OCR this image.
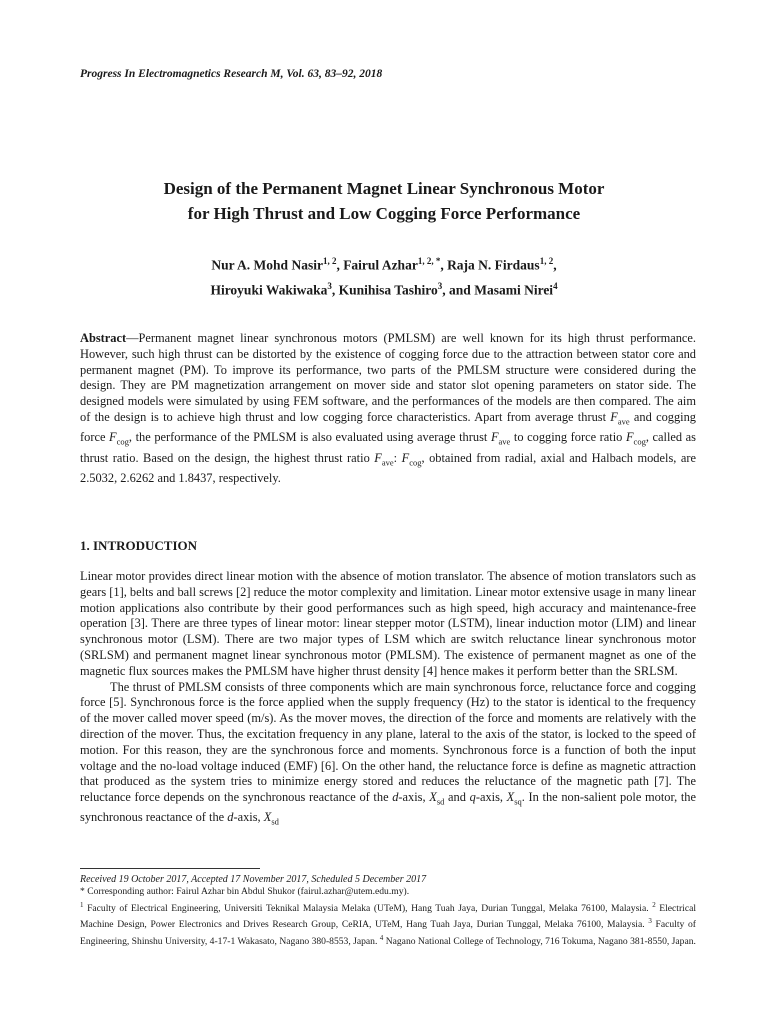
Progress In Electromagnetics Research M, Vol. 63, 83–92, 2018
Design of the Permanent Magnet Linear Synchronous Motor
for High Thrust and Low Cogging Force Performance
Nur A. Mohd Nasir$^{1, 2}$, Fairul Azhar$^{1, 2, *}$, Raja N. Firdaus$^{1, 2}$,
Hiroyuki Wakiwaka$^3$, Kunihisa Tashiro$^3$, and Masami Nirei$^4$
Abstract—Permanent magnet linear synchronous motors (PMLSM) are well known for its high thrust performance. However, such high thrust can be distorted by the existence of cogging force due to the attraction between stator core and permanent magnet (PM). To improve its performance, two parts of the PMLSM structure were considered during the design. They are PM magnetization arrangement on mover side and stator slot opening parameters on stator side. The designed models were simulated by using FEM software, and the performances of the models are then compared. The aim of the design is to achieve high thrust and low cogging force characteristics. Apart from average thrust $F_{ave}$ and cogging force $F_{cog}$, the performance of the PMLSM is also evaluated using average thrust $F_{ave}$ to cogging force ratio $F_{cog}$, called as thrust ratio. Based on the design, the highest thrust ratio $F_{ave}$: $F_{cog}$, obtained from radial, axial and Halbach models, are 2.5032, 2.6262 and 1.8437, respectively.
1. INTRODUCTION

Linear motor provides direct linear motion with the absence of motion translator. The absence of motion translators such as gears [1], belts and ball screws [2] reduce the motor complexity and limitation. Linear motor extensive usage in many linear motion applications also contribute by their good performances such as high speed, high accuracy and maintenance-free operation [3]. There are three types of linear motor: linear stepper motor (LSTM), linear induction motor (LIM) and linear synchronous motor (LSM). There are two major types of LSM which are switch reluctance linear synchronous motor (SRLSM) and permanent magnet linear synchronous motor (PMLSM). The existence of permanent magnet as one of the magnetic flux sources makes the PMLSM have higher thrust density [4] hence makes it perform better than the SRLSM.

The thrust of PMLSM consists of three components which are main synchronous force, reluctance force and cogging force [5]. Synchronous force is the force applied when the supply frequency (Hz) to the stator is identical to the frequency of the mover called mover speed (m/s). As the mover moves, the direction of the force and moments are relatively with the direction of the mover. Thus, the excitation frequency in any plane, lateral to the axis of the stator, is locked to the speed of motion. For this reason, they are the synchronous force and moments. Synchronous force is a function of both the input voltage and the no-load voltage induced (EMF) [6]. On the other hand, the reluctance force is define as magnetic attraction that produced as the system tries to minimize energy stored and reduces the reluctance of the magnetic path [7]. The reluctance force depends on the synchronous reactance of the d-axis, $X_{sd}$ and q-axis, $X_{sq}$. In the non-salient pole motor, the synchronous reactance of the d-axis, $X_{sd}$

Received 19 October 2017, Accepted 17 November 2017, Scheduled 5 December 2017
* Corresponding author: Fairul Azhar bin Abdul Shukor (fairul.azhar@utem.edu.my).
$^1$ Faculty of Electrical Engineering, Universiti Teknikal Malaysia Melaka (UTeM), Hang Tuah Jaya, Durian Tunggal, Melaka 76100, Malaysia. $^2$ Electrical Machine Design, Power Electronics and Drives Research Group, CeRIA, UTeM, Hang Tuah Jaya, Durian Tunggal, Melaka 76100, Malaysia. $^3$ Faculty of Engineering, Shinshu University, 4-17-1 Wakasato, Nagano 380-8553, Japan. $^4$ Nagano National College of Technology, 716 Tokuma, Nagano 381-8550, Japan.
